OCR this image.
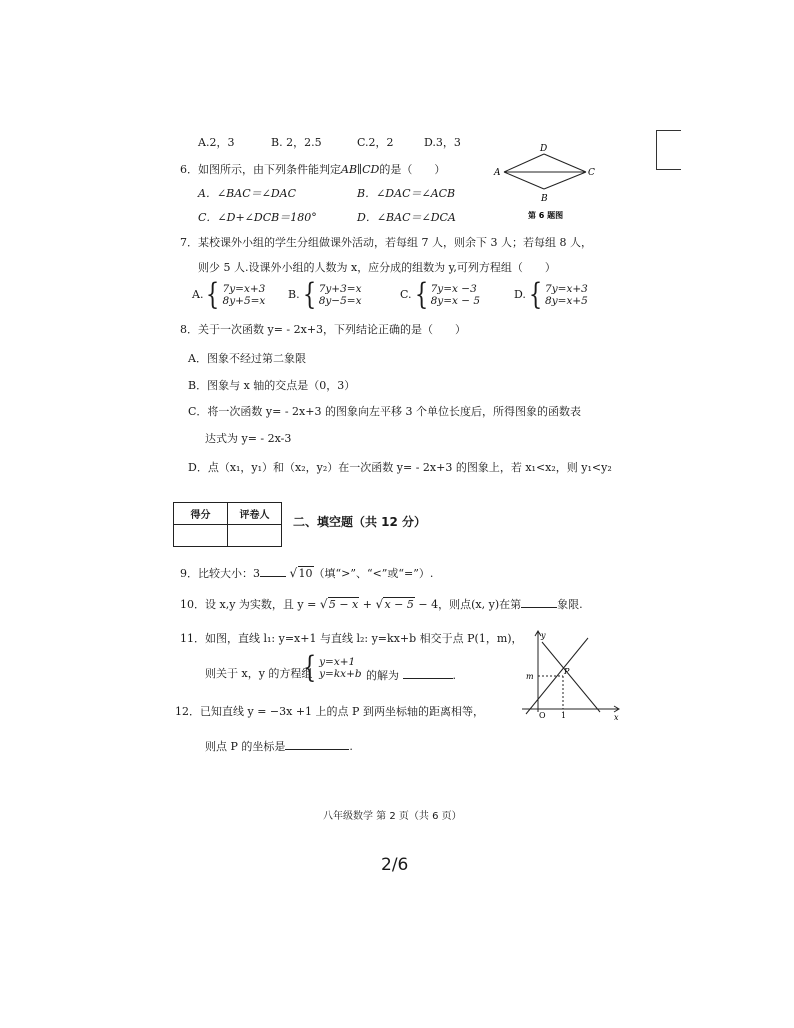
A.2，3	B. 2，2.5	C.2，2	D.3，3
6．如图所示，由下列条件能判定AB∥CD的是（　　）
A．∠BAC＝∠DAC	B．∠DAC＝∠ACB
C．∠D+∠DCB＝180°	D．∠BAC＝∠DCA
D
A	C
B
第 6 题图
7．某校课外小组的学生分组做课外活动，若每组 7 人，则余下 3 人；若每组 8 人，
则少 5 人.设课外小组的人数为 x，应分成的组数为 y,可列方程组（　　）
A. { 7y=x+3
8y+5=x B. { 7y+3=x
8y−5=x	C. { 7y=x −3
8y=x − 5	D. { 7y=x+3
8y=x+5
8．关于一次函数 y= - 2x+3，下列结论正确的是（　　）
A．图象不经过第二象限
B．图象与 x 轴的交点是（0，3）
C．将一次函数 y= - 2x+3 的图象向左平移 3 个单位长度后，所得图象的函数表
达式为 y= - 2x-3
D．点（x₁，y₁）和（x₂，y₂）在一次函数 y= - 2x+3 的图象上，若 x₁<x₂，则 y₁<y₂
得分	评卷人
	二、填空题（共 12 分）
9．比较大小：3 √ 10（填“>”、“<”或“=”）.
10．设 x,y 为实数，且 y = √ 5 − x + √ x − 5 − 4，则点(x, y)在第	象限.
11．如图，直线 l₁: y=x+1 与直线 l₂: y=kx+b 相交于点 P(1，m)，
则关于 x，y 的方程组
{ y=x+1
y=kx+b 的解为	.
y
x
m
P
O 1
12．已知直线 y = −3x +1 上的点 P 到两坐标轴的距离相等，
则点 P 的坐标是	.
八年级数学 第 2 页（共 6 页）
2/6
